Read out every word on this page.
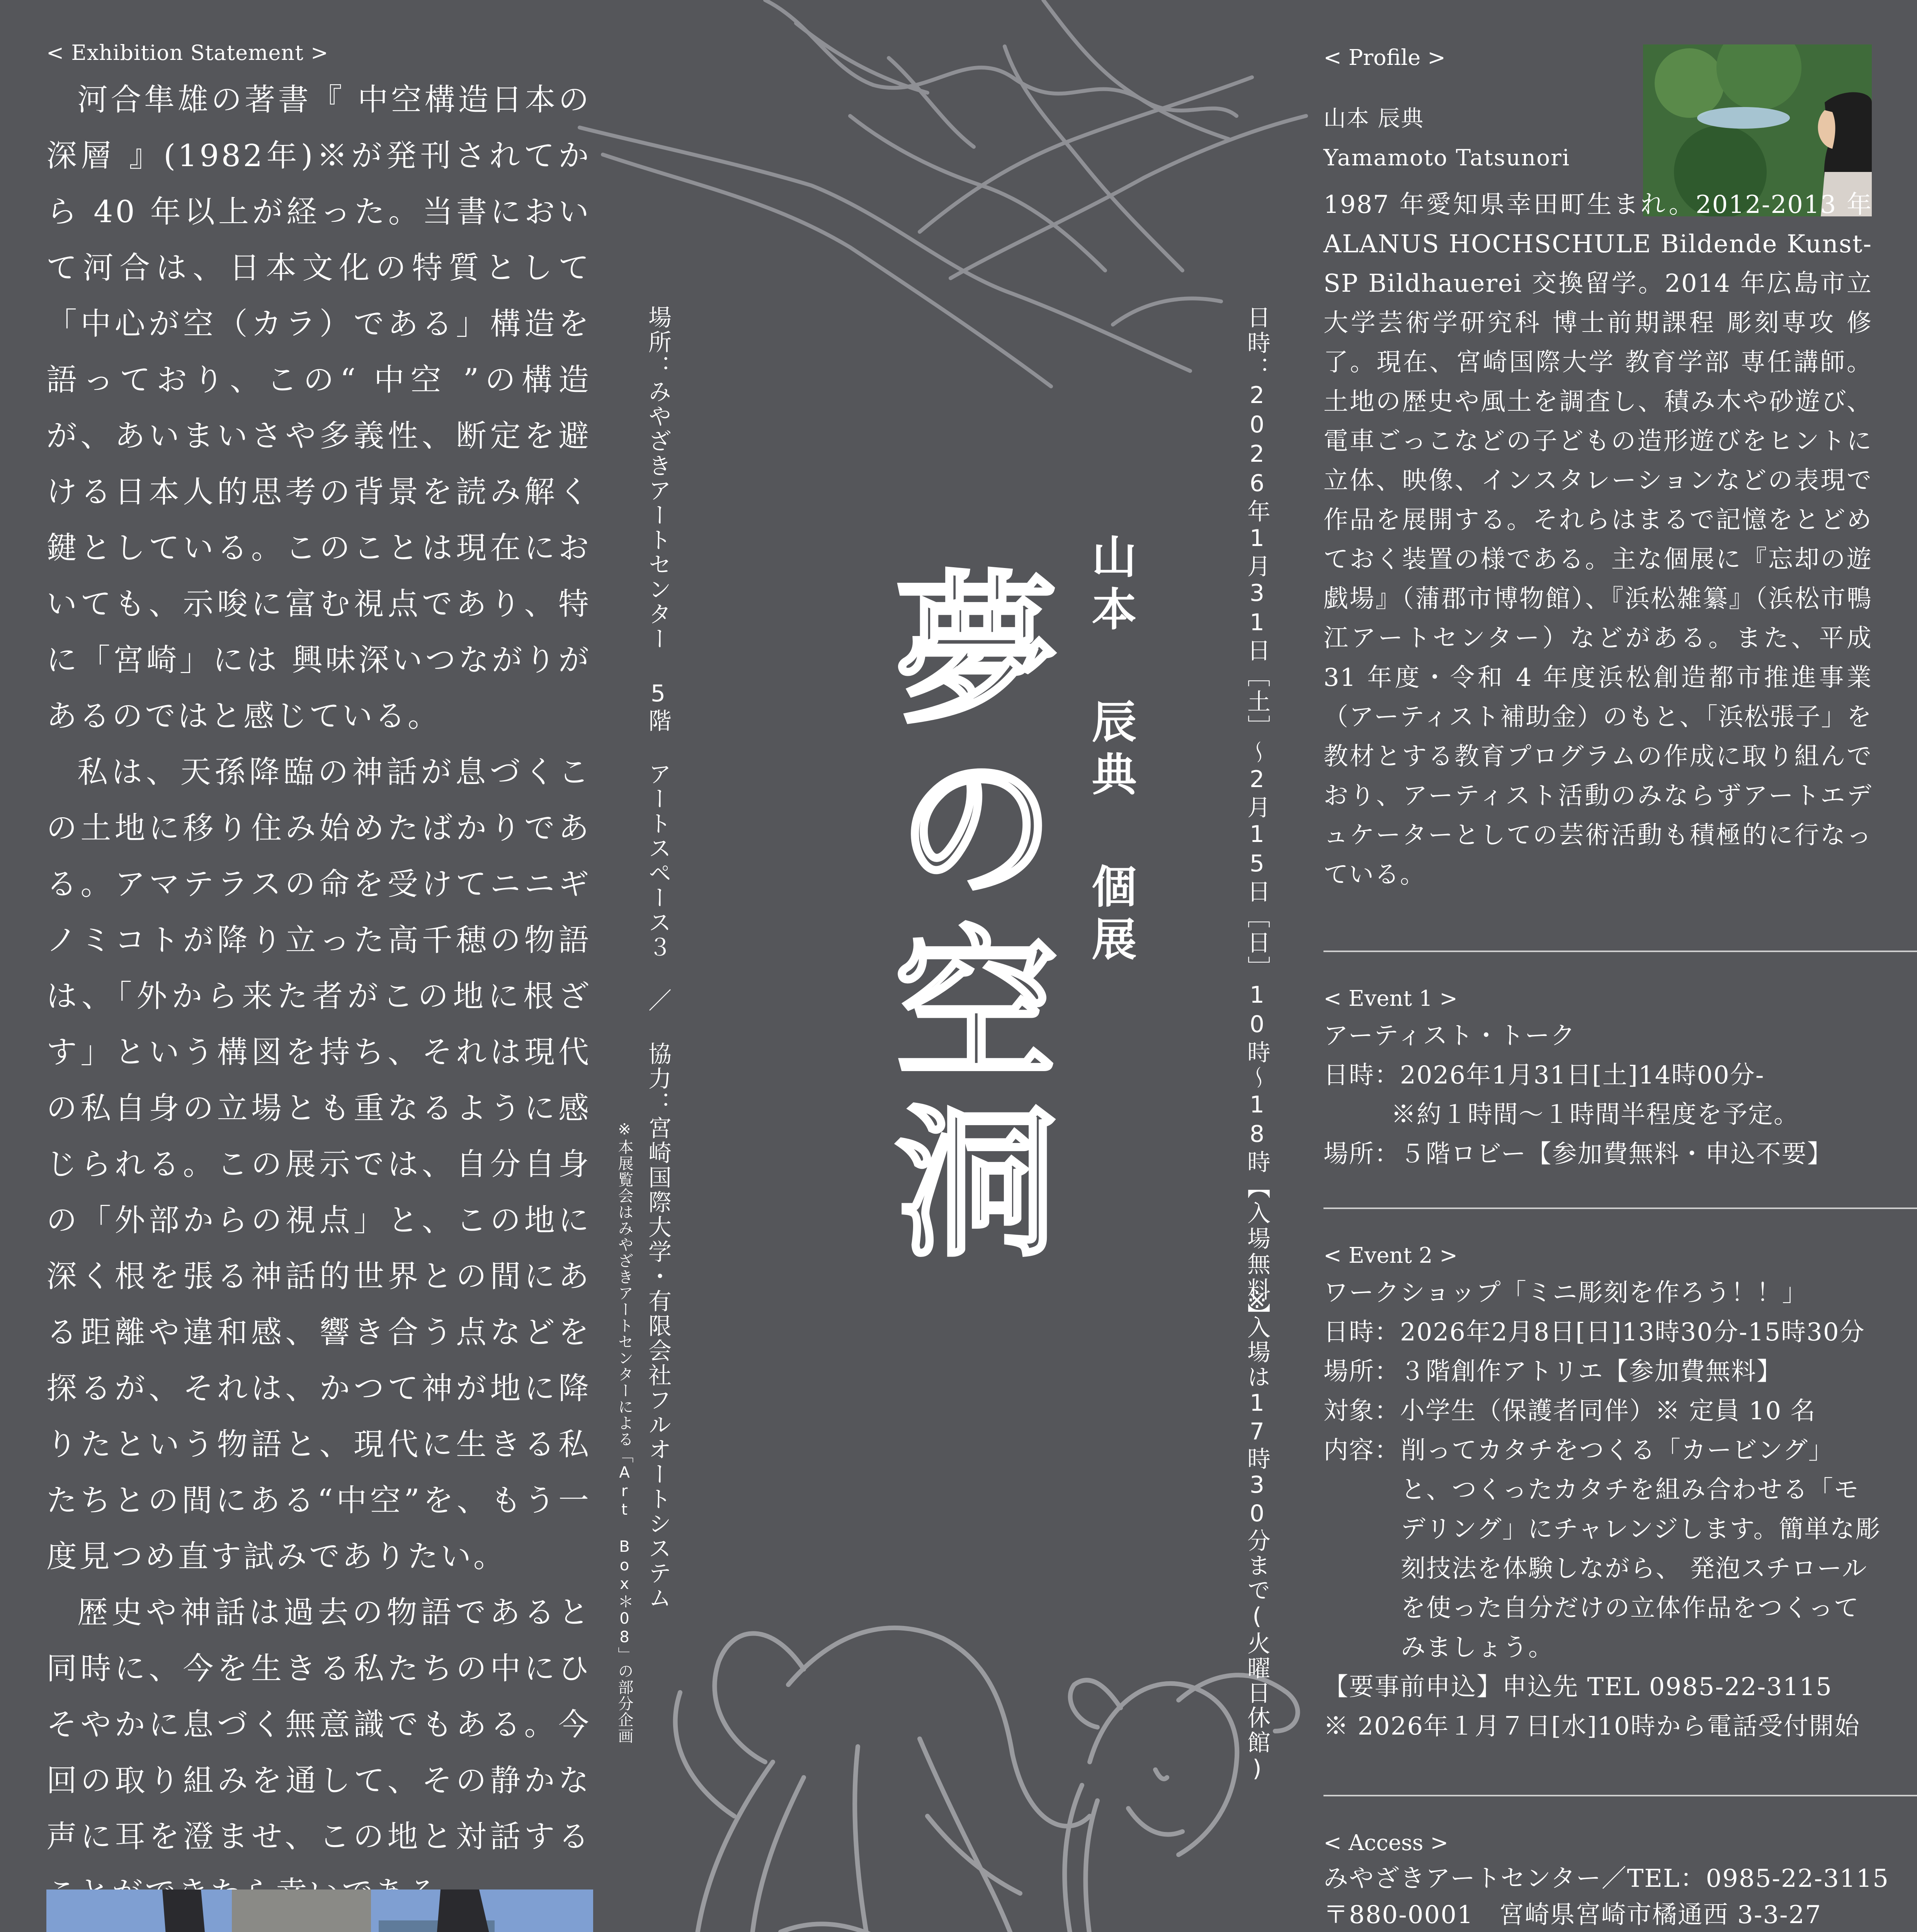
< Exhibition Statement >

河合隼雄の著書『 中空構造日本の深層 』(1982年)※が発刊されてから 40 年以上が経った。当書において河合は、日本文化の特質として「中心が空（カラ）である」構造を語っており、この“ 中空 ”の構造が、あいまいさや多義性、断定を避ける日本人的思考の背景を読み解く鍵としている。このことは現在においても、示唆に富む視点であり、特に「宮崎」には 興味深いつながりがあるのではと感じている。

私は、天孫降臨の神話が息づくこの土地に移り住み始めたばかりである。アマテラスの命を受けてニニギノミコトが降り立った高千穂の物語は、「外から来た者がこの地に根ざす」という構図を持ち、それは現代の私自身の立場とも重なるように感じられる。この展示では、自分自身の「外部からの視点」と、この地に深く根を張る神話的世界との間にある距離や違和感、響き合う点などを探るが、それは、かつて神が地に降りたという物語と、現代に生きる私たちとの間にある“中空”を、もう一度見つめ直す試みでありたい。

歴史や神話は過去の物語であると同時に、今を生きる私たちの中にひそやかに息づく無意識でもある。今回の取り組みを通して、その静かな声に耳を澄ませ、この地と対話する

場所：みやざきアートセンター 5階 アートスペース３ ／ 協力：宮崎国際大学・有限会社フルオートシステム
※本展覧会はみやざきアートセンターによる「Art Box＊08」の部分企画
夢の空洞 山本 辰典 個展	日時：2026年1月31日［土］〜2月15日［日］10時〜18時【入場無料】
※入場は17時30分まで(火曜日休館)

< Profile >

山本 辰典

Yamamoto Tatsunori

1987 年愛知県幸田町生まれ。2012-2013 年 ALANUS HOCHSCHULE Bildende Kunst-SP Bildhauerei 交換留学。2014 年広島市立大学芸術学研究科 博士前期課程 彫刻専攻 修了。現在、宮崎国際大学 教育学部 専任講師。土地の歴史や風土を調査し、積み木や砂遊び、電車ごっこなどの子どもの造形遊びをヒントに立体、映像、インスタレーションなどの表現で作品を展開する。それらはまるで記憶をとどめておく装置の様である。主な個展に『忘却の遊戯場』（蒲郡市博物館）、『浜松雑纂』（浜松市鴨江アートセンター）などがある。また、平成 31 年度・令和 4 年度浜松創造都市推進事業（アーティスト補助金）のもと、「浜松張子」を教材とする教育プログラムの作成に取り組んでおり、アーティスト活動のみならずアートエデュケーターとしての芸術活動も積極的に行なっている。

< Event 1 >

アーティスト・トーク

日時：2026年1月31日[土]14時00分-

※約１時間〜１時間半程度を予定。

場所：５階ロビー【参加費無料・申込不要】

< Event 2 >

ワークショップ「ミニ彫刻を作ろう！！」

日時：2026年2月8日[日]13時30分-15時30分

場所：３階創作アトリエ【参加費無料】

対象：小学生（保護者同伴）※ 定員 10 名

内容： 削ってカタチをつくる「カービング」と、つくったカタチを組み合わせる「モデリング」にチャレンジします。簡単な彫刻技法を体験しながら、 発泡スチロールを使った自分だけの立体作品をつくってみましょう。

【要事前申込】申込先 TEL 0985-22-3115

※ 2026年１月７日[水]10時から電話受付開始

< Access >

みやざきアートセンター／TEL：0985-22-3115

〒880-0001　宮崎県宮崎市橘通西 3-3-27
